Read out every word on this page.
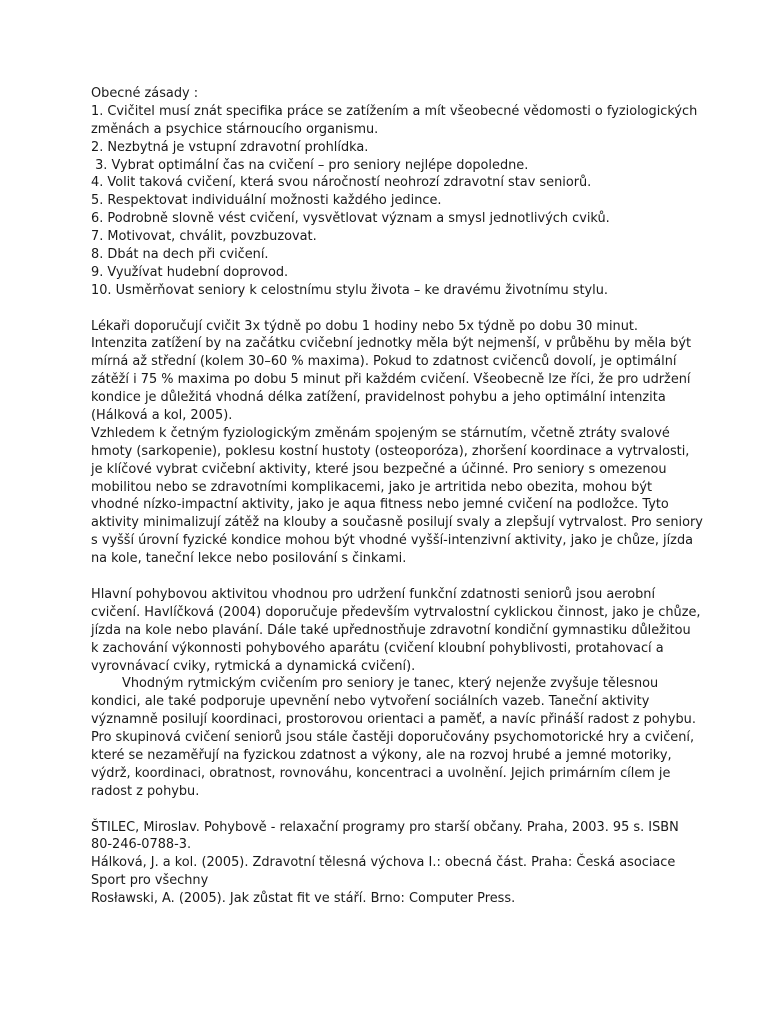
Obecné zásady :
1. Cvičitel musí znát specifika práce se zatížením a mít všeobecné vědomosti o fyziologických
změnách a psychice stárnoucího organismu.
2. Nezbytná je vstupní zdravotní prohlídka.
3. Vybrat optimální čas na cvičení – pro seniory nejlépe dopoledne.
4. Volit taková cvičení, která svou náročností neohrozí zdravotní stav seniorů.
5. Respektovat individuální možnosti každého jedince.
6. Podrobně slovně vést cvičení, vysvětlovat význam a smysl jednotlivých cviků.
7. Motivovat, chválit, povzbuzovat.
8. Dbát na dech při cvičení.
9. Využívat hudební doprovod.
10. Usměrňovat seniory k celostnímu stylu života – ke dravému životnímu stylu.
Lékaři doporučují cvičit 3x týdně po dobu 1 hodiny nebo 5x týdně po dobu 30 minut.
Intenzita zatížení by na začátku cvičební jednotky měla být nejmenší, v průběhu by měla být
mírná až střední (kolem 30–60 % maxima). Pokud to zdatnost cvičenců dovolí, je optimální
zátěží i 75 % maxima po dobu 5 minut při každém cvičení. Všeobecně lze říci, že pro udržení
kondice je důležitá vhodná délka zatížení, pravidelnost pohybu a jeho optimální intenzita
(Hálková a kol, 2005).
Vzhledem k četným fyziologickým změnám spojeným se stárnutím, včetně ztráty svalové
hmoty (sarkopenie), poklesu kostní hustoty (osteoporóza), zhoršení koordinace a vytrvalosti,
je klíčové vybrat cvičební aktivity, které jsou bezpečné a účinné. Pro seniory s omezenou
mobilitou nebo se zdravotními komplikacemi, jako je artritida nebo obezita, mohou být
vhodné nízko-impactní aktivity, jako je aqua fitness nebo jemné cvičení na podložce. Tyto
aktivity minimalizují zátěž na klouby a současně posilují svaly a zlepšují vytrvalost. Pro seniory
s vyšší úrovní fyzické kondice mohou být vhodné vyšší-intenzivní aktivity, jako je chůze, jízda
na kole, taneční lekce nebo posilování s činkami.
Hlavní pohybovou aktivitou vhodnou pro udržení funkční zdatnosti seniorů jsou aerobní
cvičení. Havlíčková (2004) doporučuje především vytrvalostní cyklickou činnost, jako je chůze,
jízda na kole nebo plavání. Dále také upřednostňuje zdravotní kondiční gymnastiku důležitou
k zachování výkonnosti pohybového aparátu (cvičení kloubní pohyblivosti, protahovací a
vyrovnávací cviky, rytmická a dynamická cvičení).
Vhodným rytmickým cvičením pro seniory je tanec, který nejenže zvyšuje tělesnou
kondici, ale také podporuje upevnění nebo vytvoření sociálních vazeb. Taneční aktivity
významně posilují koordinaci, prostorovou orientaci a paměť, a navíc přináší radost z pohybu.
Pro skupinová cvičení seniorů jsou stále častěji doporučovány psychomotorické hry a cvičení,
které se nezaměřují na fyzickou zdatnost a výkony, ale na rozvoj hrubé a jemné motoriky,
výdrž, koordinaci, obratnost, rovnováhu, koncentraci a uvolnění. Jejich primárním cílem je
radost z pohybu.
ŠTILEC, Miroslav. Pohybově - relaxační programy pro starší občany. Praha, 2003. 95 s. ISBN
80-246-0788-3.
Hálková, J. a kol. (2005). Zdravotní tělesná výchova I.: obecná část. Praha: Česká asociace
Sport pro všechny
Rosławski, A. (2005). Jak zůstat fit ve stáří. Brno: Computer Press.
